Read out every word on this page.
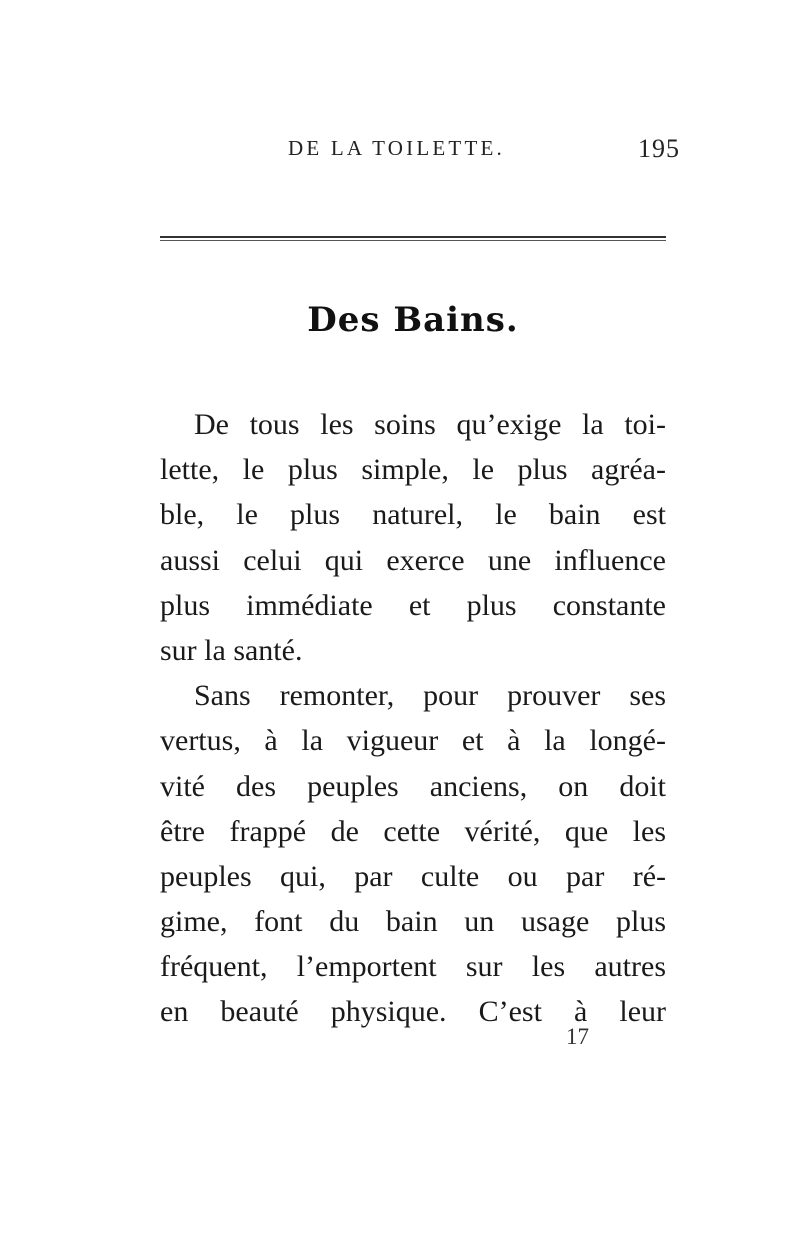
DE LA TOILETTE.	195
Des Bains.
De tous les soins qu’exige la toi-
lette, le plus simple, le plus agréa-
ble, le plus naturel, le bain est
aussi celui qui exerce une influence
plus immédiate et plus constante
sur la santé.
Sans remonter, pour prouver ses
vertus, à la vigueur et à la longé-
vité des peuples anciens, on doit
être frappé de cette vérité, que les
peuples qui, par culte ou par ré-
gime, font du bain un usage plus
fréquent, l’emportent sur les autres
en beauté physique. C’est à leur
17
